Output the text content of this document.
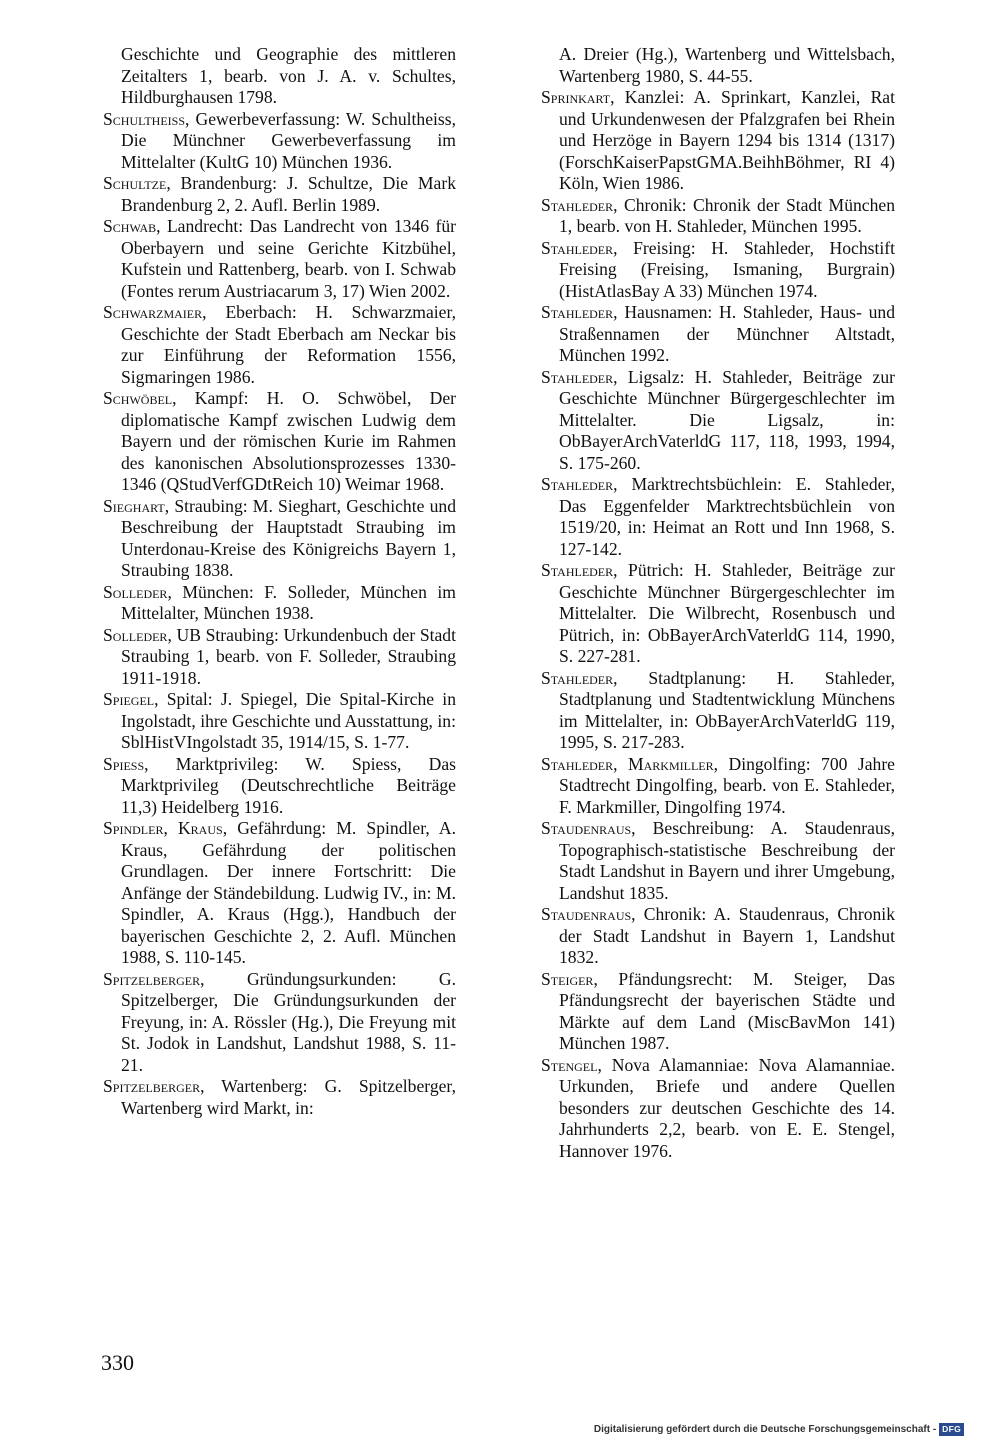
Geschichte und Geographie des mittleren Zeitalters 1, bearb. von J. A. v. Schultes, Hildburghausen 1798.

Schultheiss, Gewerbeverfassung: W. Schultheiss, Die Münchner Gewerbeverfassung im Mittelalter (KultG 10) München 1936.

Schultze, Brandenburg: J. Schultze, Die Mark Brandenburg 2, 2. Aufl. Berlin 1989.

Schwab, Landrecht: Das Landrecht von 1346 für Oberbayern und seine Gerichte Kitzbühel, Kufstein und Rattenberg, bearb. von I. Schwab (Fontes rerum Austriacarum 3, 17) Wien 2002.

Schwarzmaier, Eberbach: H. Schwarzmaier, Geschichte der Stadt Eberbach am Neckar bis zur Einführung der Reformation 1556, Sigmaringen 1986.

Schwöbel, Kampf: H. O. Schwöbel, Der diplomatische Kampf zwischen Ludwig dem Bayern und der römischen Kurie im Rahmen des kanonischen Absolutionsprozesses 1330-1346 (QStudVerfGDtReich 10) Weimar 1968.

Sieghart, Straubing: M. Sieghart, Geschichte und Beschreibung der Hauptstadt Straubing im Unterdonau-Kreise des Königreichs Bayern 1, Straubing 1838.

Solleder, München: F. Solleder, München im Mittelalter, München 1938.

Solleder, UB Straubing: Urkundenbuch der Stadt Straubing 1, bearb. von F. Solleder, Straubing 1911-1918.

Spiegel, Spital: J. Spiegel, Die Spital-Kirche in Ingolstadt, ihre Geschichte und Ausstattung, in: SblHistVIngolstadt 35, 1914/15, S. 1-77.

Spiess, Marktprivileg: W. Spiess, Das Marktprivileg (Deutschrechtliche Beiträge 11,3) Heidelberg 1916.

Spindler, Kraus, Gefährdung: M. Spindler, A. Kraus, Gefährdung der politischen Grundlagen. Der innere Fortschritt: Die Anfänge der Ständebildung. Ludwig IV., in: M. Spindler, A. Kraus (Hgg.), Handbuch der bayerischen Geschichte 2, 2. Aufl. München 1988, S. 110-145.

Spitzelberger, Gründungsurkunden: G. Spitzelberger, Die Gründungsurkunden der Freyung, in: A. Rössler (Hg.), Die Freyung mit St. Jodok in Landshut, Landshut 1988, S. 11-21.

Spitzelberger, Wartenberg: G. Spitzelberger, Wartenberg wird Markt, in:

A. Dreier (Hg.), Wartenberg und Wittelsbach, Wartenberg 1980, S. 44-55.

Sprinkart, Kanzlei: A. Sprinkart, Kanzlei, Rat und Urkundenwesen der Pfalzgrafen bei Rhein und Herzöge in Bayern 1294 bis 1314 (1317) (ForschKaiserPapstGMA.BeihhBöhmer, RI 4) Köln, Wien 1986.

Stahleder, Chronik: Chronik der Stadt München 1, bearb. von H. Stahleder, München 1995.

Stahleder, Freising: H. Stahleder, Hochstift Freising (Freising, Ismaning, Burgrain) (HistAtlasBay A 33) München 1974.

Stahleder, Hausnamen: H. Stahleder, Haus- und Straßennamen der Münchner Altstadt, München 1992.

Stahleder, Ligsalz: H. Stahleder, Beiträge zur Geschichte Münchner Bürgergeschlechter im Mittelalter. Die Ligsalz, in: ObBayerArchVaterldG 117, 118, 1993, 1994, S. 175-260.

Stahleder, Marktrechtsbüchlein: E. Stahleder, Das Eggenfelder Marktrechtsbüchlein von 1519/20, in: Heimat an Rott und Inn 1968, S. 127-142.

Stahleder, Pütrich: H. Stahleder, Beiträge zur Geschichte Münchner Bürgergeschlechter im Mittelalter. Die Wilbrecht, Rosenbusch und Pütrich, in: ObBayerArchVaterldG 114, 1990, S. 227-281.

Stahleder, Stadtplanung: H. Stahleder, Stadtplanung und Stadtentwicklung Münchens im Mittelalter, in: ObBayerArchVaterldG 119, 1995, S. 217-283.

Stahleder, Markmiller, Dingolfing: 700 Jahre Stadtrecht Dingolfing, bearb. von E. Stahleder, F. Markmiller, Dingolfing 1974.

Staudenraus, Beschreibung: A. Staudenraus, Topographisch-statistische Beschreibung der Stadt Landshut in Bayern und ihrer Umgebung, Landshut 1835.

Staudenraus, Chronik: A. Staudenraus, Chronik der Stadt Landshut in Bayern 1, Landshut 1832.

Steiger, Pfändungsrecht: M. Steiger, Das Pfändungsrecht der bayerischen Städte und Märkte auf dem Land (MiscBavMon 141) München 1987.

Stengel, Nova Alamanniae: Nova Alamanniae. Urkunden, Briefe und andere Quellen besonders zur deutschen Geschichte des 14. Jahrhunderts 2,2, bearb. von E. E. Stengel, Hannover 1976.

330
Digitalisierung gefördert durch die Deutsche Forschungsgemeinschaft - DFG
